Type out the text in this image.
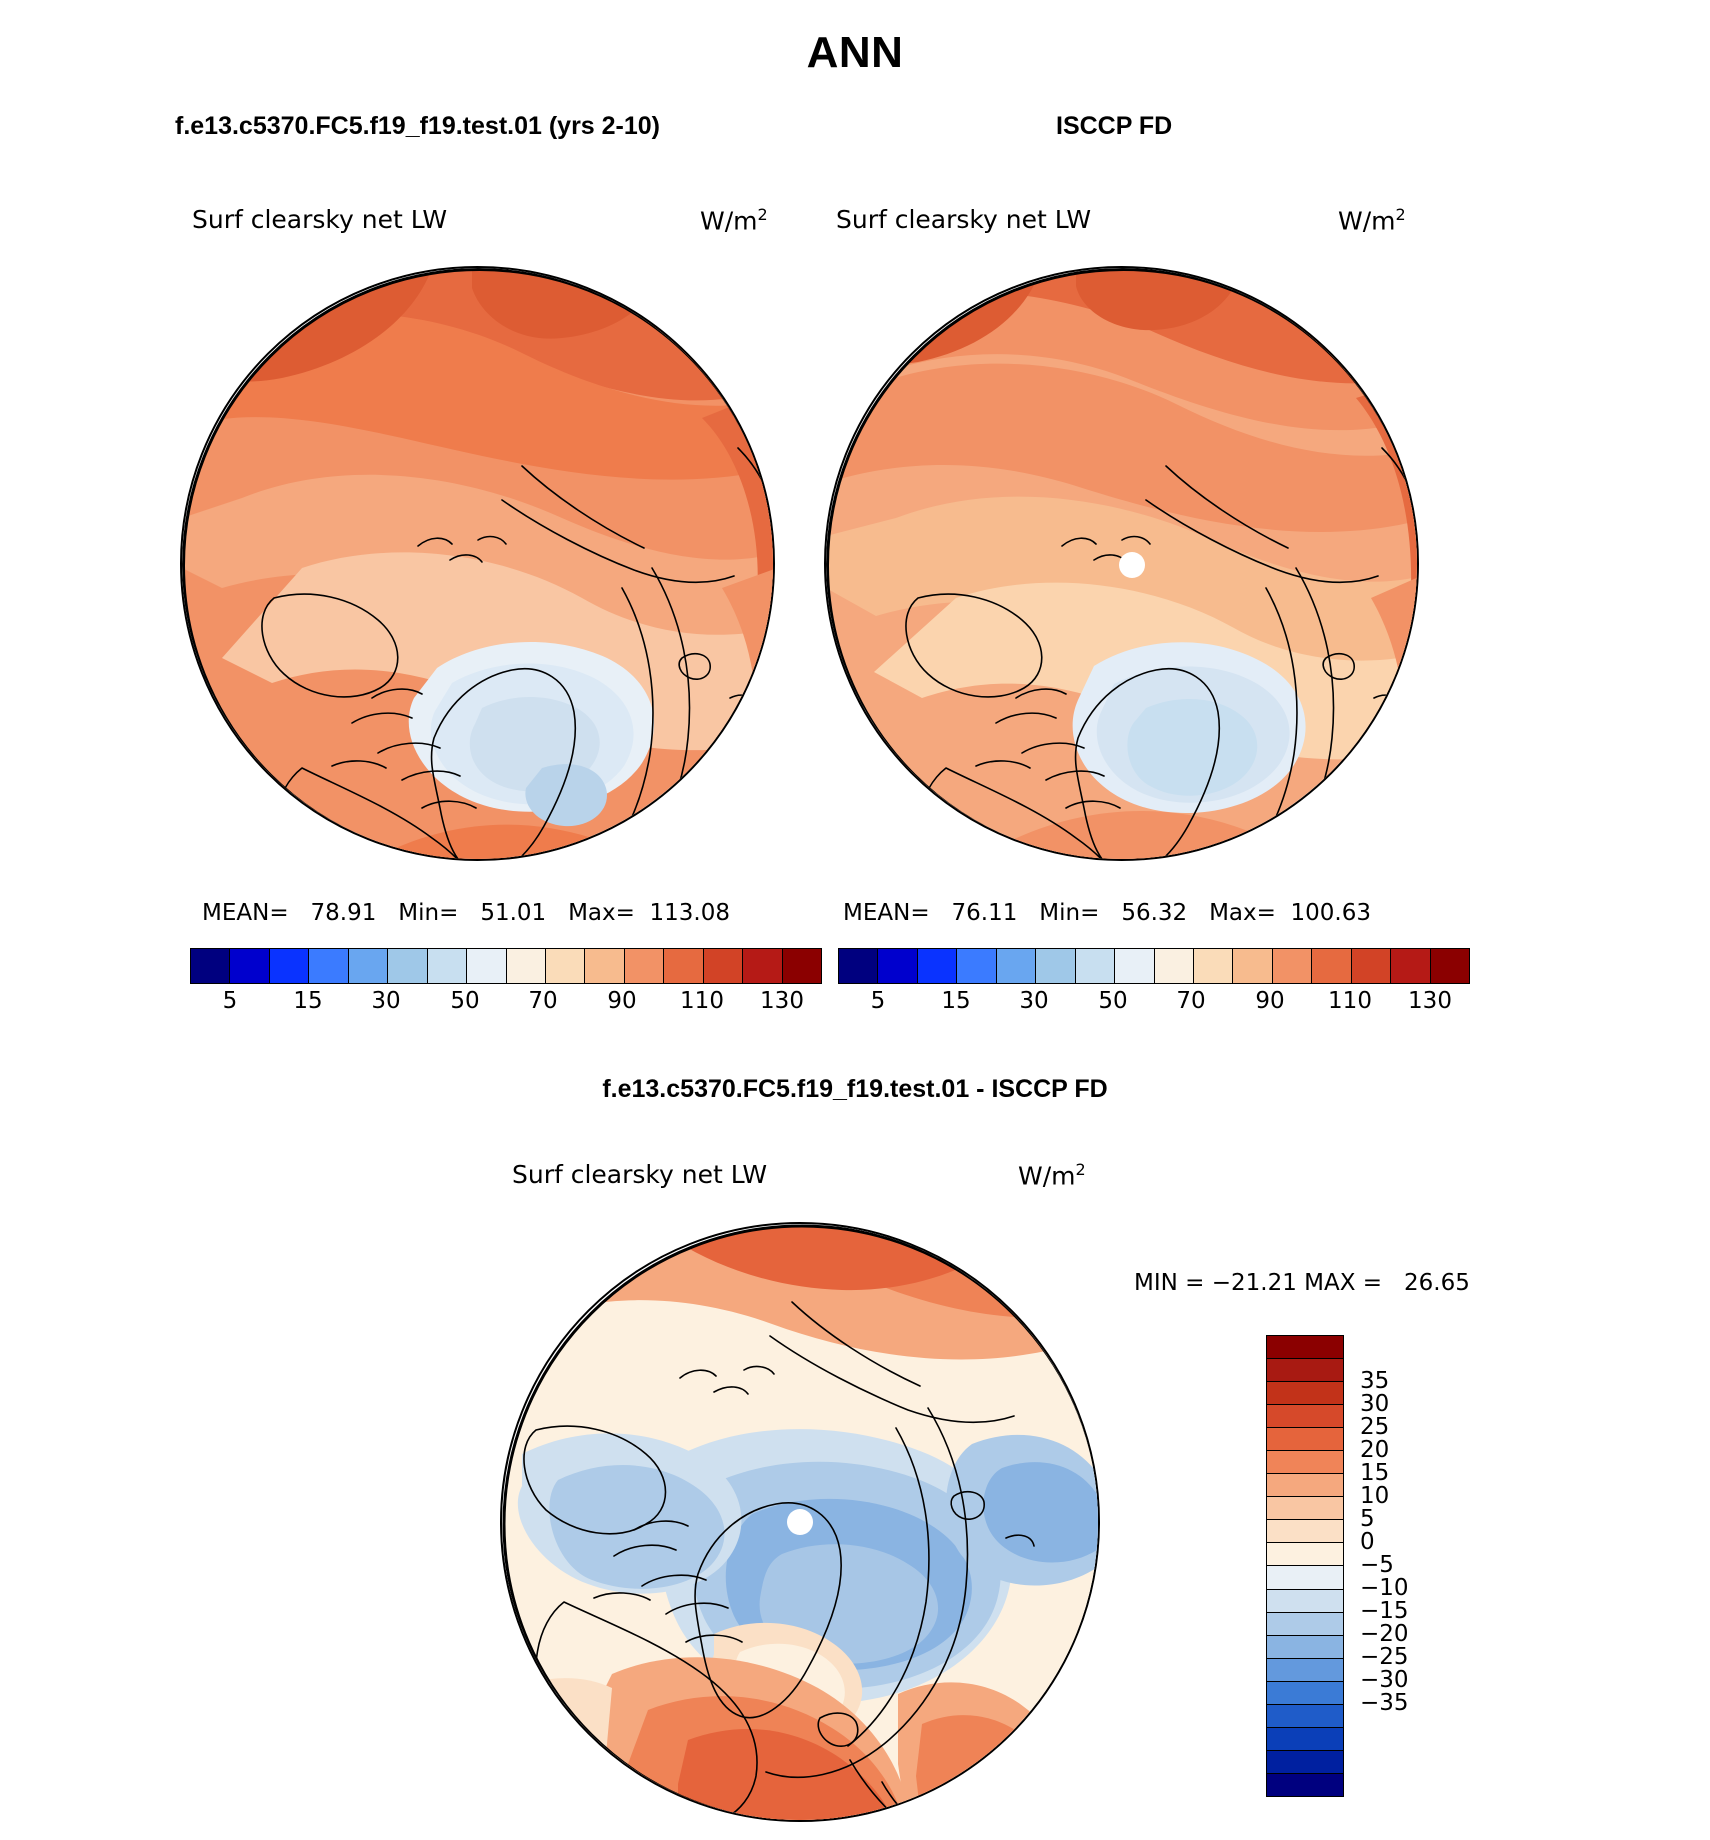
ANN
f.e13.c5370.FC5.f19_f19.test.01 (yrs 2-10)	ISCCP FD
Surf clearsky net LW	$W/m^2$
MEAN=   78.91   Min=   51.01   Max=  113.08
5 15 30 50 70 90 110 130
Surf clearsky net LW	$W/m^2$
MEAN=   76.11   Min=   56.32   Max=  100.63
5 15 30 50 70 90 110 130
f.e13.c5370.FC5.f19_f19.test.01 - ISCCP FD
Surf clearsky net LW	$W/m^2$
MIN = −21.21 MAX =   26.65
35
30
25
20
15
10
5
0
−5
−10
−15
−20
−25
−30
−35
